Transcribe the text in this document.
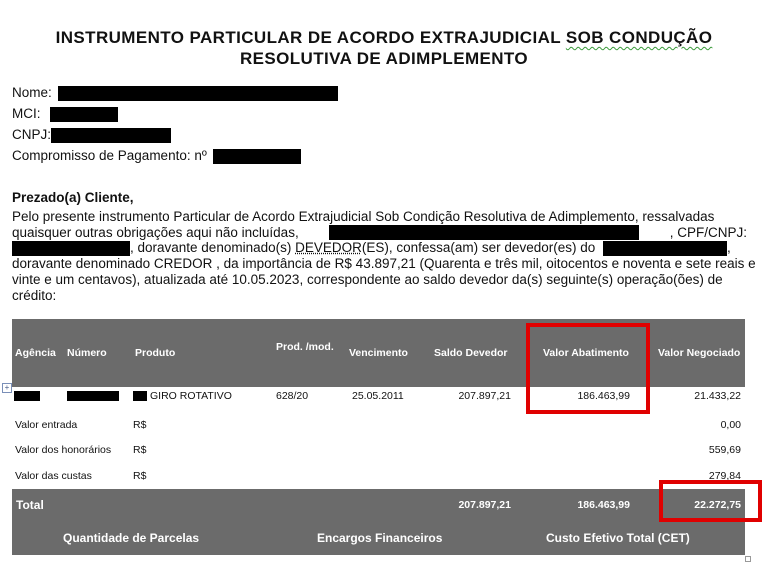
INSTRUMENTO PARTICULAR DE ACORDO EXTRAJUDICIAL SOB CONDUÇÃO
RESOLUTIVA DE ADIMPLEMENTO
Nome:
MCI:
CNPJ:
Compromisso de Pagamento: nº
Prezado(a) Cliente,
Pelo presente instrumento Particular de Acordo Extrajudicial Sob Condição Resolutiva de Adimplemento, ressalvadas
quaisquer outras obrigações aqui não incluídas,	, CPF/CNPJ:
, doravante denominado(s) DEVEDOR(ES), confessa(am) ser devedor(es) do	,
doravante denominado CREDOR , da importância de R$ 43.897,21 (Quarenta e três mil, oitocentos e noventa e sete reais e
vinte e um centavos), atualizada até 10.05.2023, correspondente ao saldo devedor da(s) seguinte(s) operação(ões) de
crédito:
+
Agência Número	Produto	Prod. /mod. Vencimento Saldo Devedor	Valor Abatimento	Valor Negociado
GIRO ROTATIVO	628/20	25.05.2011	207.897,21	186.463,99	21.433,22
Valor entrada	R$	0,00
Valor dos honorários R$	559,69
Valor das custas	R$	279,84
Total	207.897,21	186.463,99	22.272,75
Quantidade de Parcelas	Encargos Financeiros	Custo Efetivo Total (CET)
